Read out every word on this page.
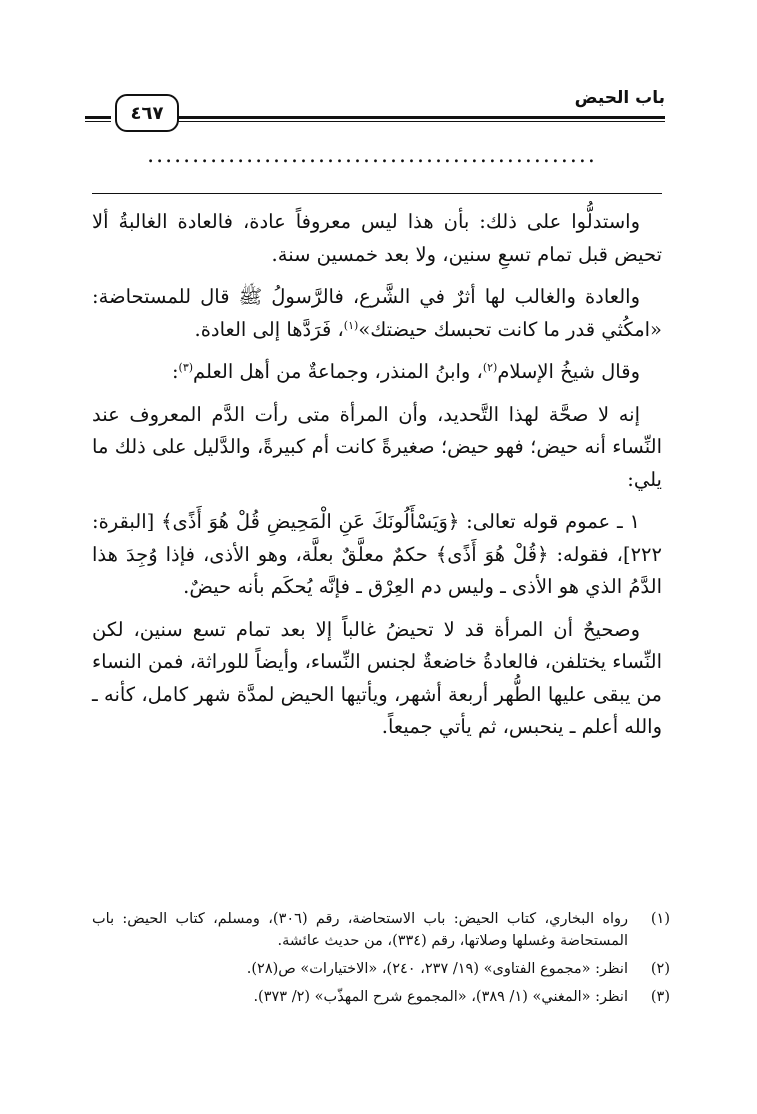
باب الحيض
٤٦٧
..................................................

واستدلُّوا على ذلك: بأن هذا ليس معروفاً عادة، فالعادة الغالبةُ ألا تحيض قبل تمام تسعِ سنين، ولا بعد خمسين سنة.

والعادة والغالب لها أثرٌ في الشَّرع، فالرَّسولُ ﷺ قال للمستحاضة: «امكُثي قدر ما كانت تحبسك حيضتك»$^{(١)}$، فَرَدَّها إلى العادة.

وقال شيخُ الإسلام$^{(٢)}$، وابنُ المنذر، وجماعةٌ من أهل العلم$^{(٣)}$:

إنه لا صحَّة لهذا التَّحديد، وأن المرأة متى رأت الدَّم المعروف عند النِّساء أنه حيض؛ فهو حيض؛ صغيرةً كانت أم كبيرةً، والدَّليل على ذلك ما يلي:

١ ـ عموم قوله تعالى: ﴿وَيَسْأَلُونَكَ عَنِ الْمَحِيضِ قُلْ هُوَ أَذًى﴾ [البقرة: ٢٢٢]، فقوله: ﴿قُلْ هُوَ أَذًى﴾ حكمٌ معلَّقٌ بعلَّة، وهو الأذى، فإذا وُجِدَ هذا الدَّمُ الذي هو الأذى ـ وليس دم العِرْق ـ فإنَّه يُحكَم بأنه حيضٌ.

وصحيحٌ أن المرأة قد لا تحيضُ غالباً إلا بعد تمام تسع سنين، لكن النِّساء يختلفن، فالعادةُ خاضعةٌ لجنس النِّساء، وأيضاً للوراثة، فمن النساء من يبقى عليها الطُّهر أربعة أشهر، ويأتيها الحيض لمدَّة شهر كامل، كأنه ـ والله أعلم ـ ينحبس، ثم يأتي جميعاً.

(١)
رواه البخاري، كتاب الحيض: باب الاستحاضة، رقم (٣٠٦)، ومسلم، كتاب الحيض: باب المستحاضة وغسلها وصلاتها، رقم (٣٣٤)، من حديث عائشة.
(٢)
انظر: «مجموع الفتاوى» (١٩/ ٢٣٧، ٢٤٠)، «الاختيارات» ص(٢٨).
(٣)
انظر: «المغني» (١/ ٣٨٩)، «المجموع شرح المهذّب» (٢/ ٣٧٣).
